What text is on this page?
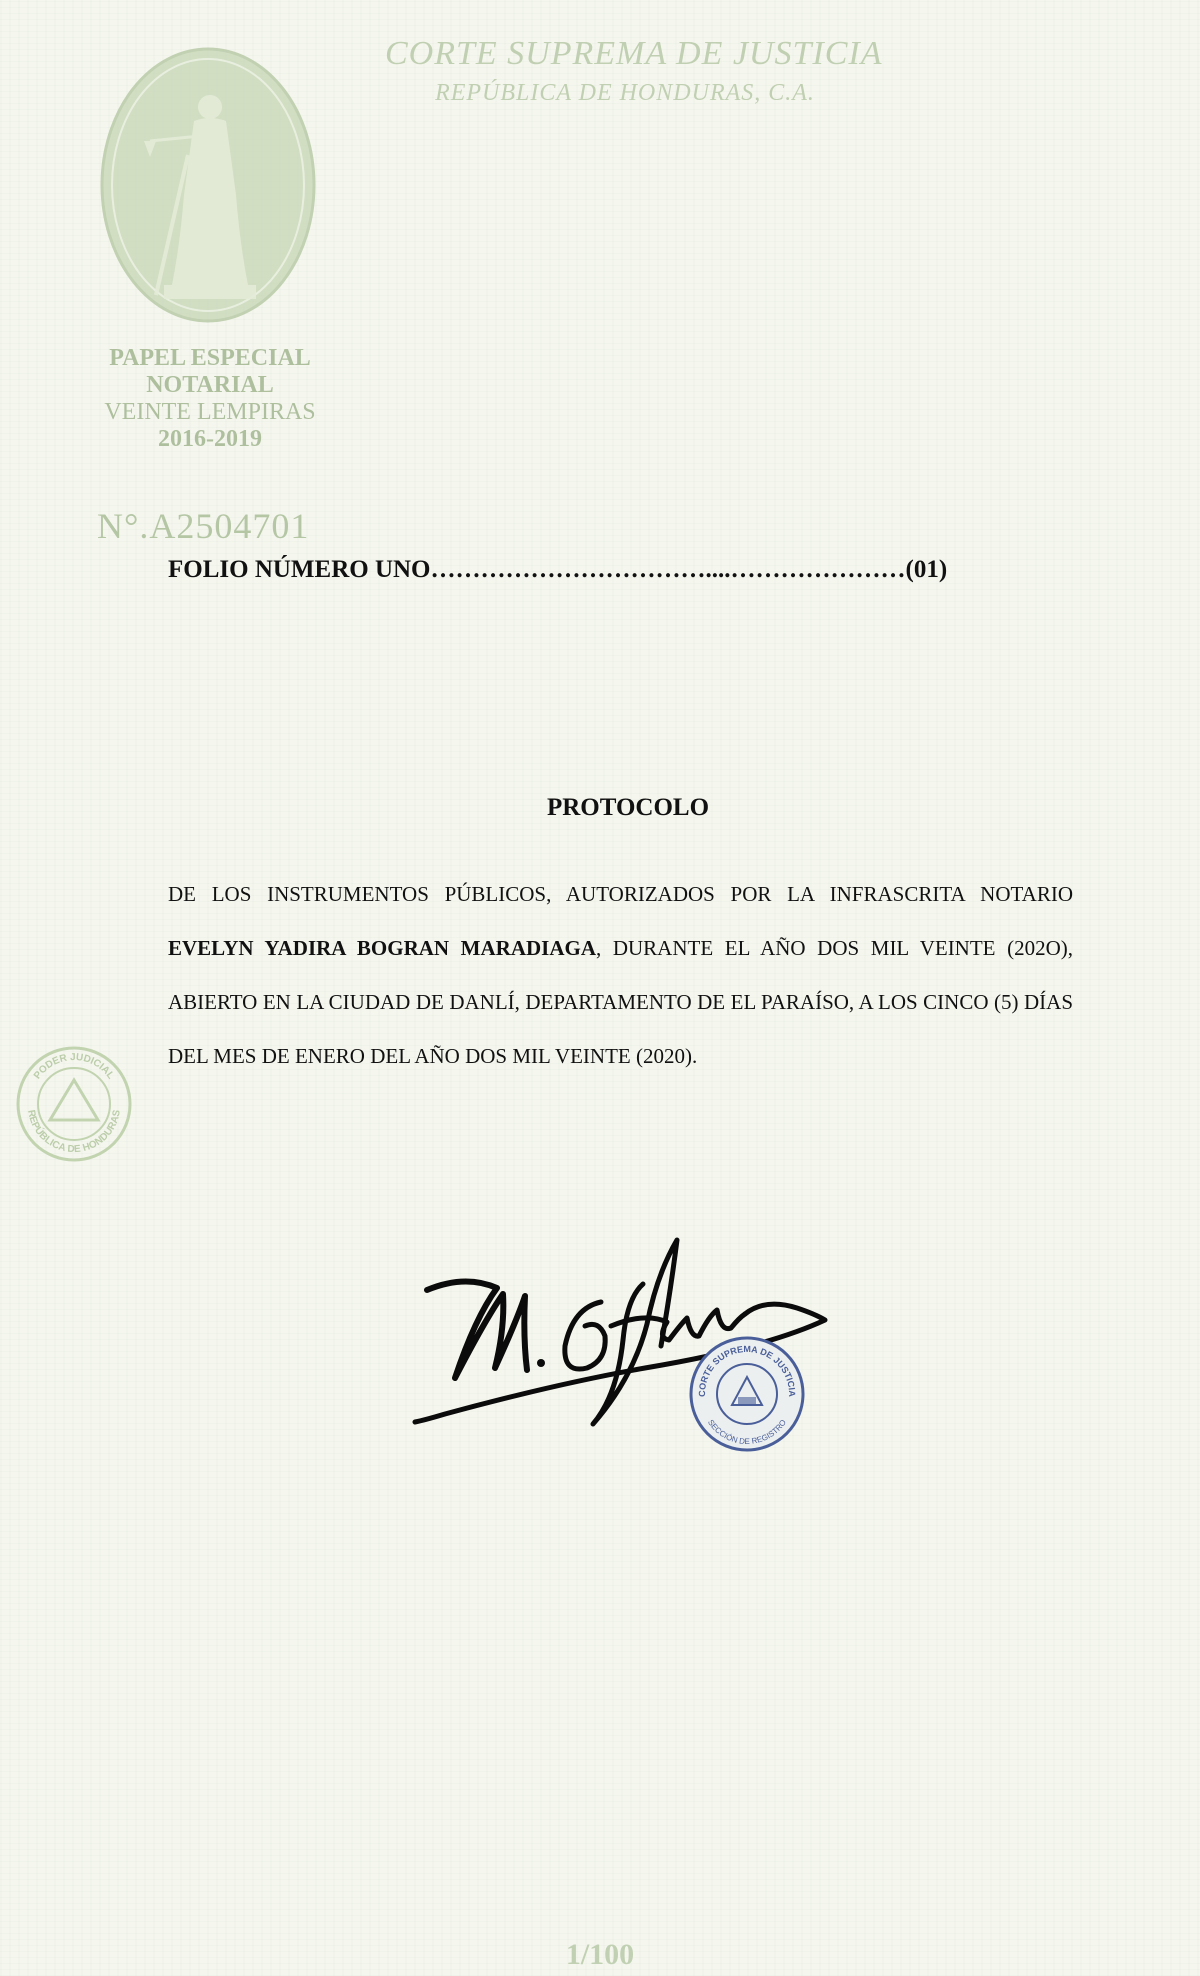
CORTE SUPREMA DE JUSTICIA
REPÚBLICA DE HONDURAS, C.A.
PAPEL ESPECIAL
NOTARIAL
VEINTE LEMPIRAS
2016-2019
N°.A2504701
FOLIO NÚMERO UNO……………………………....…………………(01)
PROTOCOLO
DE LOS INSTRUMENTOS PÚBLICOS, AUTORIZADOS POR LA INFRASCRITA NOTARIO EVELYN YADIRA BOGRAN MARADIAGA, DURANTE EL AÑO DOS MIL VEINTE (202O), ABIERTO EN LA CIUDAD DE DANLÍ, DEPARTAMENTO DE EL PARAÍSO, A LOS CINCO (5) DÍAS DEL MES DE ENERO DEL AÑO DOS MIL VEINTE (2020).
PODER JUDICIAL
REPÚBLICA DE HONDURAS
CORTE SUPREMA DE JUSTICIA
SECCIÓN DE REGISTRO
1/100
